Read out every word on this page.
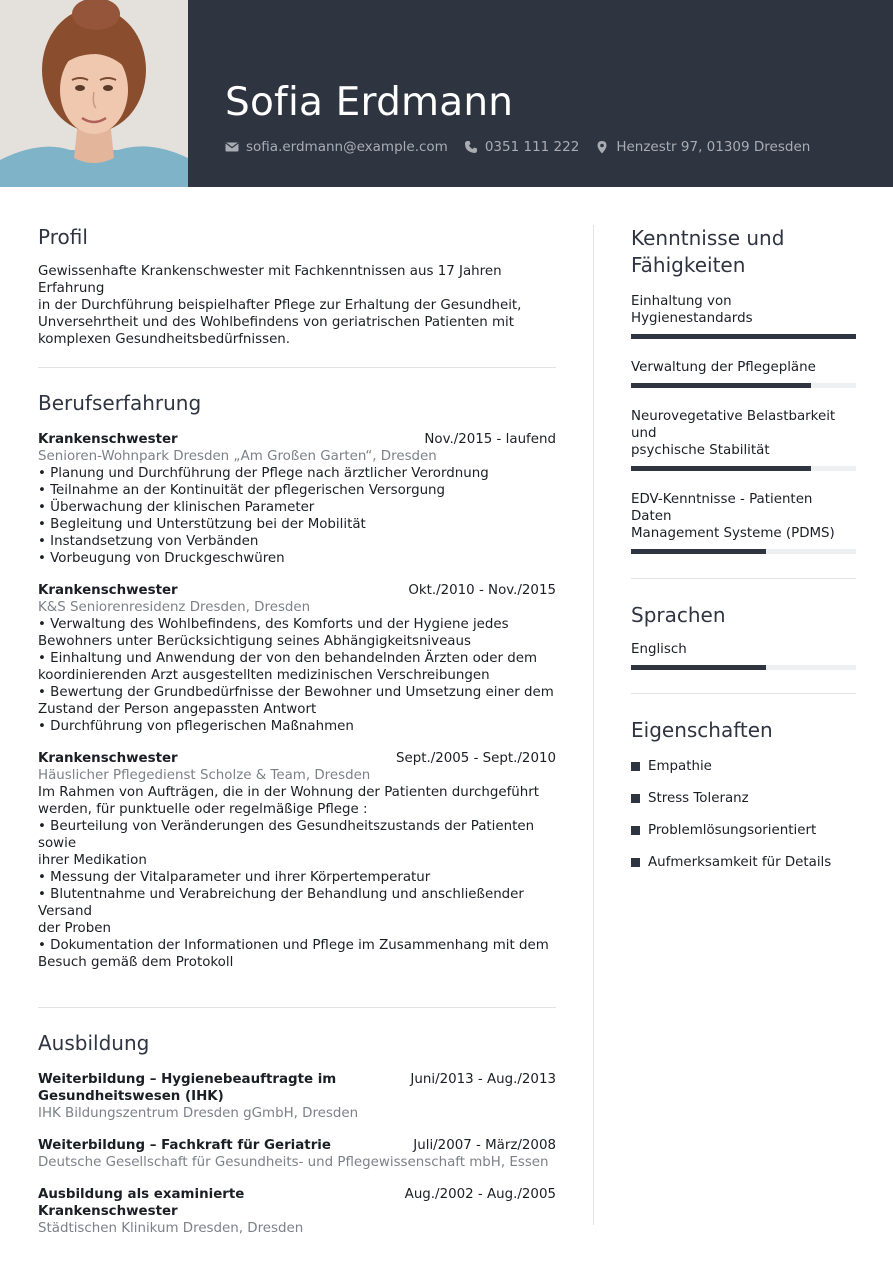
Sofia Erdmann
sofia.erdmann@example.com	0351 111 222	Henzestr 97, 01309 Dresden
Profil
Gewissenhafte Krankenschwester mit Fachkenntnissen aus 17 Jahren Erfahrung
in der Durchführung beispielhafter Pflege zur Erhaltung der Gesundheit,
Unversehrtheit und des Wohlbefindens von geriatrischen Patienten mit
komplexen Gesundheitsbedürfnissen.
Berufserfahrung
Krankenschwester	Nov./2015 - laufend
Senioren-Wohnpark Dresden „Am Großen Garten“, Dresden
• Planung und Durchführung der Pflege nach ärztlicher Verordnung
• Teilnahme an der Kontinuität der pflegerischen Versorgung
• Überwachung der klinischen Parameter
• Begleitung und Unterstützung bei der Mobilität
• Instandsetzung von Verbänden
• Vorbeugung von Druckgeschwüren
Krankenschwester	Okt./2010 - Nov./2015
K&S Seniorenresidenz Dresden, Dresden
• Verwaltung des Wohlbefindens, des Komforts und der Hygiene jedes
Bewohners unter Berücksichtigung seines Abhängigkeitsniveaus
• Einhaltung und Anwendung der von den behandelnden Ärzten oder dem
koordinierenden Arzt ausgestellten medizinischen Verschreibungen
• Bewertung der Grundbedürfnisse der Bewohner und Umsetzung einer dem
Zustand der Person angepassten Antwort
• Durchführung von pflegerischen Maßnahmen
Krankenschwester	Sept./2005 - Sept./2010
Häuslicher Pflegedienst Scholze & Team, Dresden
Im Rahmen von Aufträgen, die in der Wohnung der Patienten durchgeführt
werden, für punktuelle oder regelmäßige Pflege :
• Beurteilung von Veränderungen des Gesundheitszustands der Patienten sowie
ihrer Medikation
• Messung der Vitalparameter und ihrer Körpertemperatur
• Blutentnahme und Verabreichung der Behandlung und anschließender Versand
der Proben
• Dokumentation der Informationen und Pflege im Zusammenhang mit dem
Besuch gemäß dem Protokoll
Ausbildung
Weiterbildung – Hygienebeauftragte im
Gesundheitswesen (IHK)
Juni/2013 - Aug./2013
IHK Bildungszentrum Dresden gGmbH, Dresden
Weiterbildung – Fachkraft für Geriatrie	Juli/2007 - März/2008
Deutsche Gesellschaft für Gesundheits- und Pflegewissenschaft mbH, Essen
Ausbildung als examinierte
Krankenschwester
Aug./2002 - Aug./2005
Städtischen Klinikum Dresden, Dresden
Kenntnisse und
Fähigkeiten
Einhaltung von Hygienestandards
Verwaltung der Pflegepläne
Neurovegetative Belastbarkeit und
psychische Stabilität
EDV-Kenntnisse - Patienten Daten
Management Systeme (PDMS)
Sprachen
Englisch
Eigenschaften
Empathie
Stress Toleranz
Problemlösungsorientiert
Aufmerksamkeit für Details
